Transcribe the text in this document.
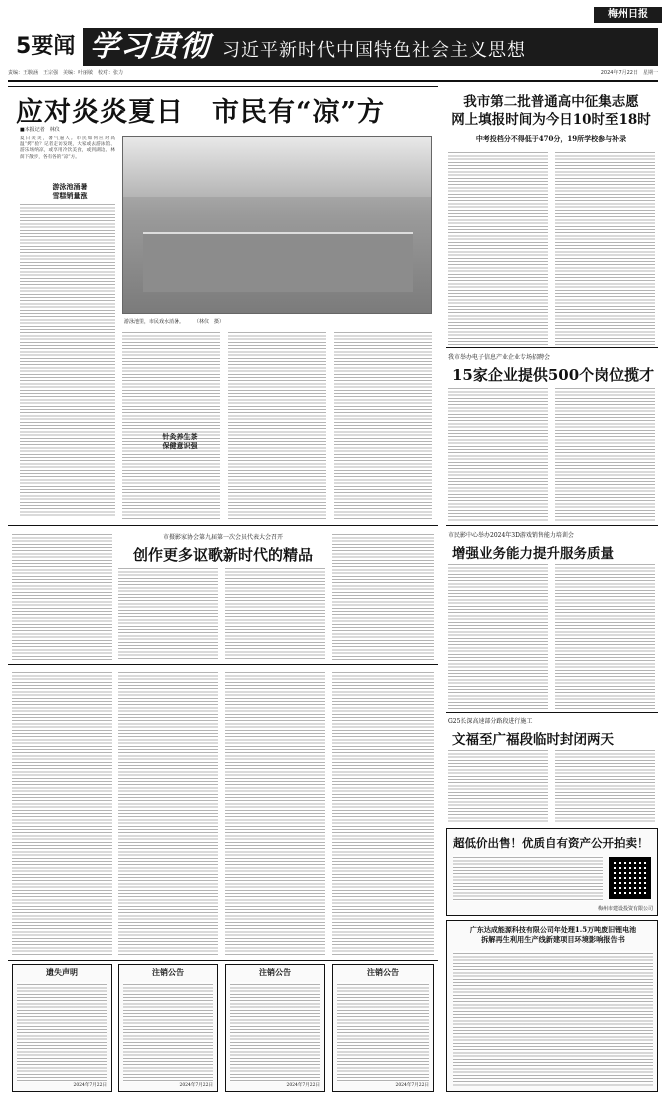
梅州日报
5要闻 学习贯彻 习近平新时代中国特色社会主义思想
责编：王駿涵　王宗强　美编：叶丽敏　校对：张力	2024年7月22日　星期一
应对炎炎夏日　市民有“凉”方
■本报记者　林仪
夏日炎炎，暑气逼人。市民如何应对高温“烤”验？记者走访发现，大家或去游泳馆、游乐场纳凉，或享用冷饮美食，或到湖边、林荫下散步，各有各的“凉”方。
游泳池涌暑
雪糕销量涨
游泳池里，市民戏水消暑。　　　（林仪　摄）
针灸养生茶
保健意识强
我市第二批普通高中征集志愿
网上填报时间为今日10时至18时
中考投档分不得低于470分，19所学校参与补录
我市举办电子信息产业企业专场招聘会
15家企业提供500个岗位揽才
市摄影家协会第九届第一次会员代表大会召开
创作更多讴歌新时代的精品
市民影中心举办2024年3D游戏销售能力培训会
增强业务能力提升服务质量
G25长深高速部分路段进行施工
文福至广福段临时封闭两天
超低价出售！优质自有资产公开拍卖！
梅州市建设投资有限公司
遗失声明
2024年7月22日
注销公告
2024年7月22日
注销公告
2024年7月22日
注销公告
2024年7月22日
广东达成能源科技有限公司年处理1.5万吨废旧锂电池
拆解再生利用生产线新建项目环境影响报告书
